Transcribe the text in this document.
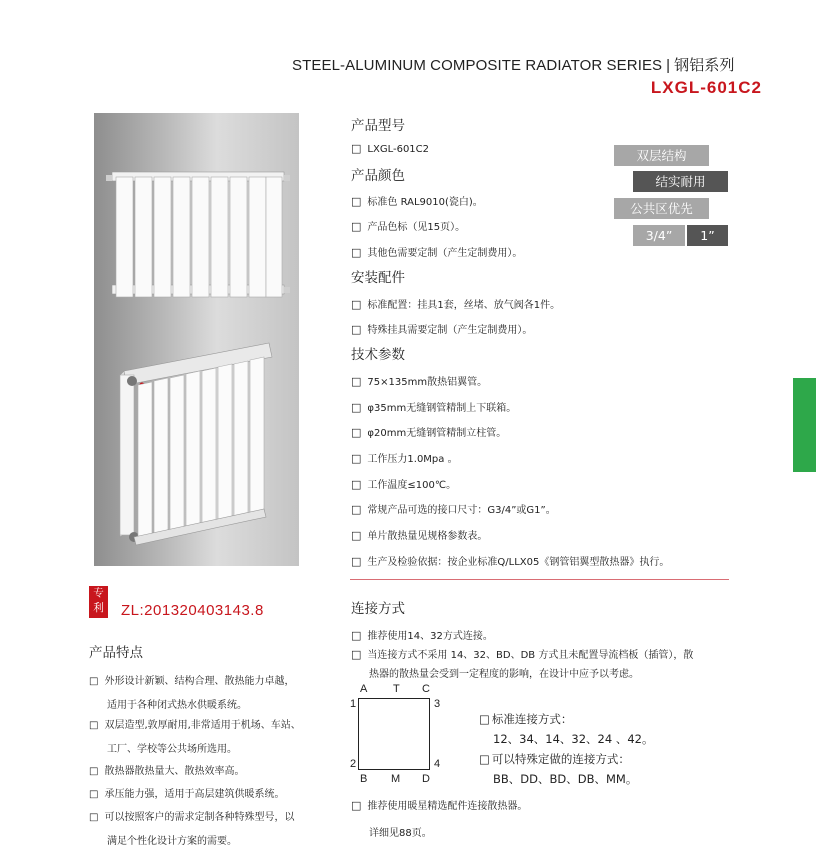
STEEL-ALUMINUM COMPOSITE RADIATOR SERIES | 钢铝系列
LXGL-601C2
产品型号
□ LXGL-601C2
产品颜色
□ 标准色 RAL9010(瓷白)。
□ 产品色标（见15页）。
□ 其他色需要定制（产生定制费用）。
双层结构
结实耐用
公共区优先
3/4”	1”
安装配件
□ 标准配置：挂具1套，丝堵、放气阀各1件。
□ 特殊挂具需要定制（产生定制费用）。
技术参数
□ 75×135mm散热铝翼管。
□ φ35mm无缝钢管精制上下联箱。
□ φ20mm无缝钢管精制立柱管。
□ 工作压力1.0Mpa 。
□ 工作温度≤100℃。
□ 常规产品可选的接口尺寸：G3/4”或G1”。
□ 单片散热量见规格参数表。
□ 生产及检验依据：按企业标准Q/LLX05《钢管铝翼型散热器》执行。
专
利 ZL:201320403143.8
产品特点
□ 外形设计新颖、结构合理、散热能力卓越，
适用于各种闭式热水供暖系统。
□ 双层造型,敦厚耐用,非常适用于机场、车站、
工厂、学校等公共场所选用。
□ 散热器散热量大、散热效率高。
□ 承压能力强，适用于高层建筑供暖系统。
□ 可以按照客户的需求定制各种特殊型号，以
满足个性化设计方案的需要。
连接方式
□ 推荐使用14、32方式连接。
□ 当连接方式不采用 14、32、BD、DB 方式且未配置导流档板（插管），散
热器的散热量会受到一定程度的影响，在设计中应予以考虑。
A T C
1
2
3
4
B M D
□ 标准连接方式：
12、34、14、32、24 、42。
□ 可以特殊定做的连接方式：
BB、DD、BD、DB、MM。
□ 推荐使用暖星精选配件连接散热器。
详细见88页。
